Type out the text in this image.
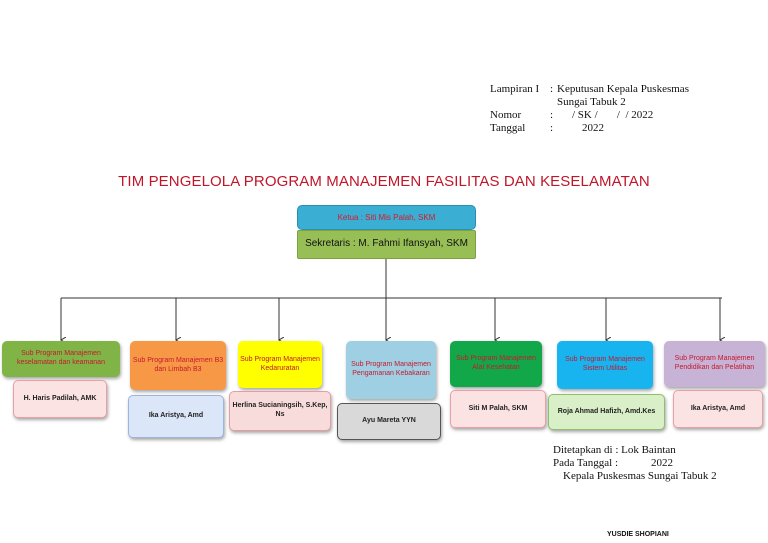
Lampiran I : Keputusan Kepala Puskesmas
Sungai Tabuk 2
Nomor	: / SK /       /  / 2022
Tanggal :	2022
TIM PENGELOLA PROGRAM MANAJEMEN FASILITAS DAN KESELAMATAN
Ketua : Siti Mis Palah, SKM
Sekretaris : M. Fahmi Ifansyah, SKM
Sub Program Manajemen keselamatan dan keamanan
H. Haris Padilah, AMK
Sub Program Manajemen B3 dan Limbah B3
Ika Aristya, Amd
Sub Program Manajemen Kedaruratan
Herlina Sucianingsih, S.Kep, Ns
Sub Program Manajemen Pengamanan Kebakaran
Ayu Mareta YYN
Sub Program Manajemen Alat Kesehatan
Siti M Palah, SKM
Sub Program Manajemen Sistem Utilitas
Roja Ahmad Hafizh, Amd.Kes
Sub Program Manajemen Pendidikan dan Pelatihan
Ika Aristya, Amd
Ditetapkan di : Lok Baintan
Pada Tanggal :	2022
Kepala Puskesmas Sungai Tabuk 2
YUSDIE SHOPIANI
